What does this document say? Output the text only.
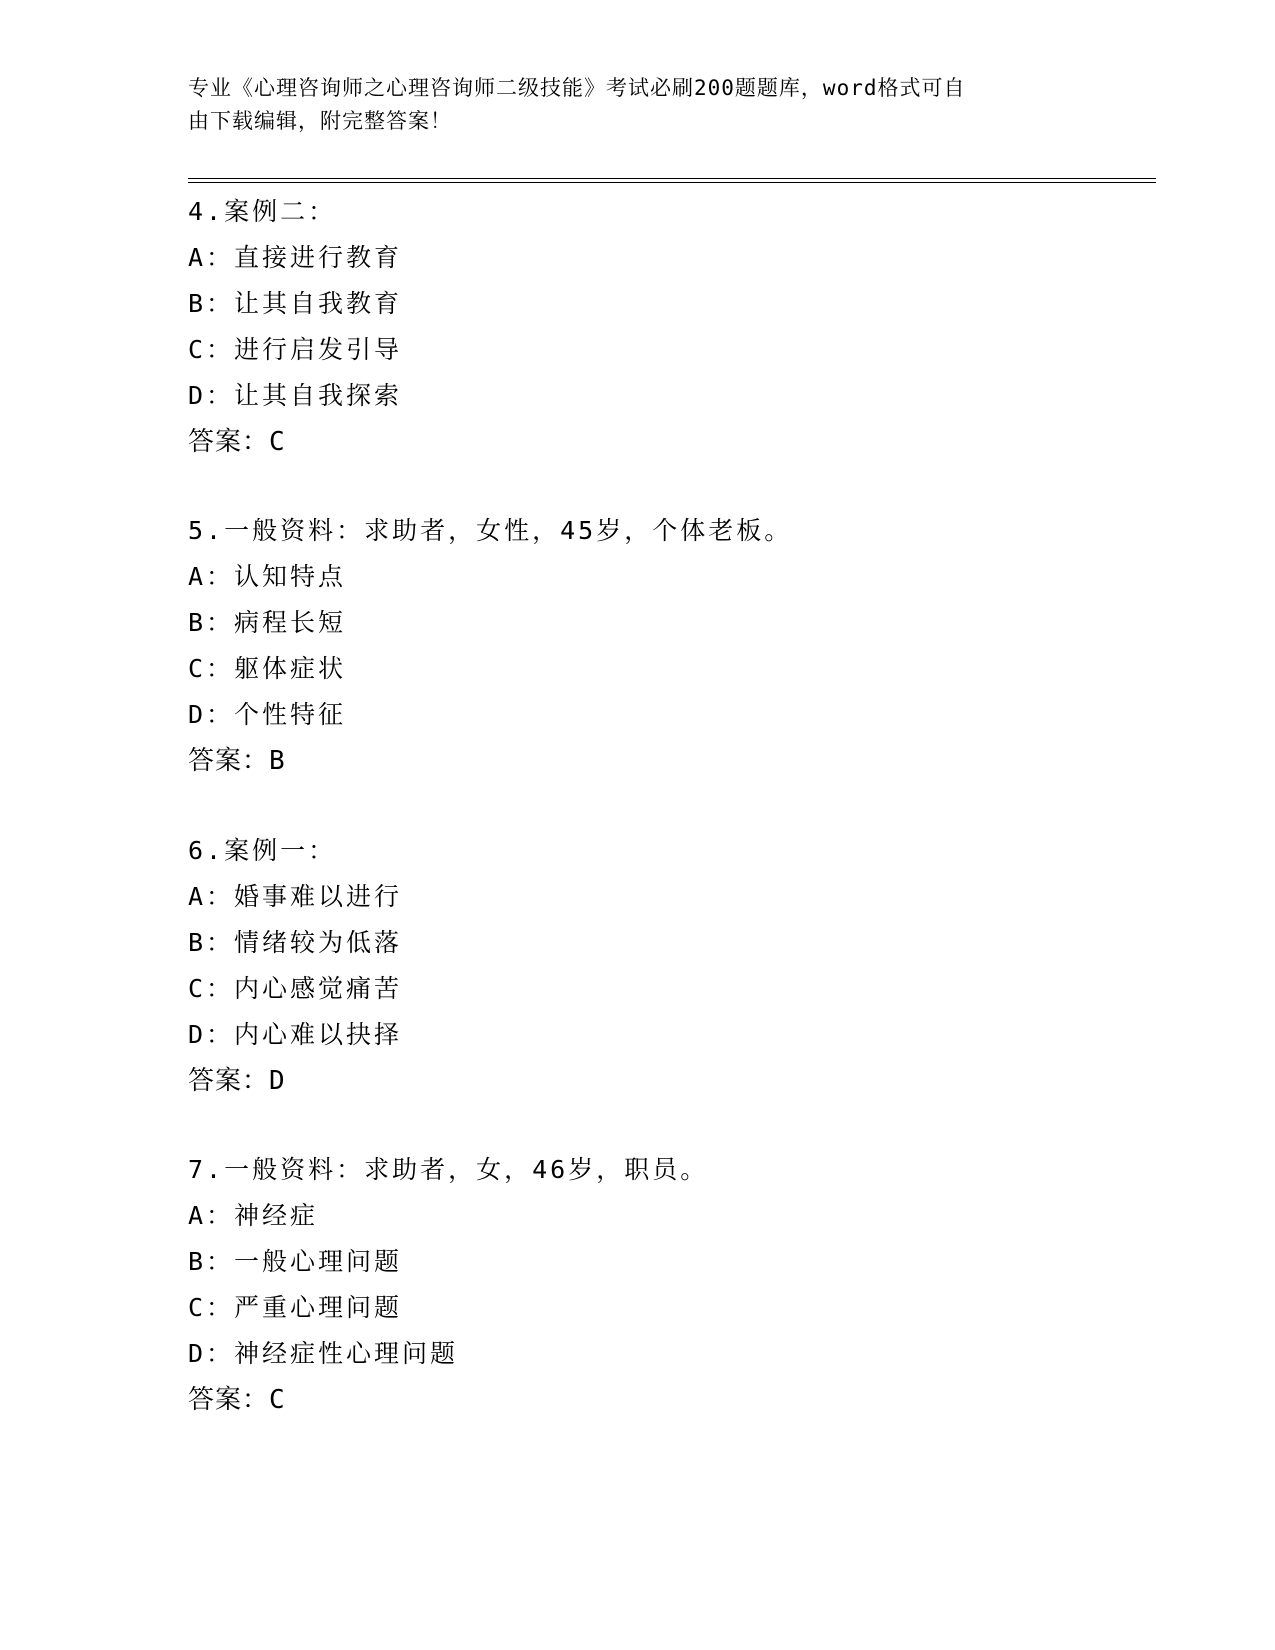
专业《心理咨询师之心理咨询师二级技能》考试必刷200题题库，word格式可自
由下载编辑，附完整答案！
4.案例二：
A：直接进行教育
B：让其自我教育
C：进行启发引导
D：让其自我探索
答案：C
5.一般资料：求助者，女性，45岁，个体老板。
A：认知特点
B：病程长短
C：躯体症状
D：个性特征
答案：B
6.案例一：
A：婚事难以进行
B：情绪较为低落
C：内心感觉痛苦
D：内心难以抉择
答案：D
7.一般资料：求助者，女，46岁，职员。
A：神经症
B：一般心理问题
C：严重心理问题
D：神经症性心理问题
答案：C
